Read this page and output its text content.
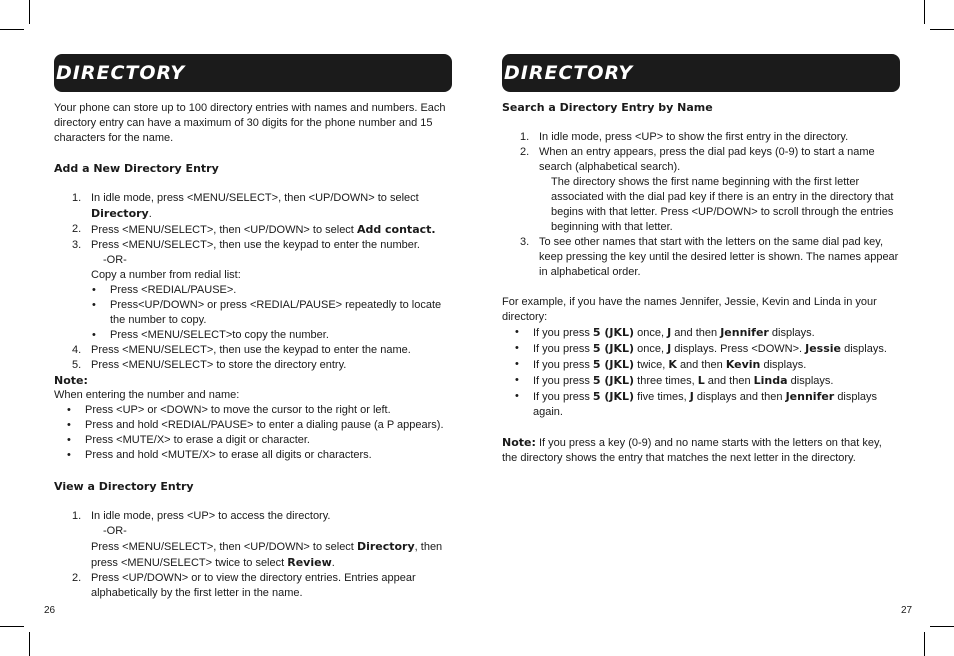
DIRECTORY

Your phone can store up to 100 directory entries with names and numbers. Each directory entry can have a maximum of 30 digits for the phone number and 15 characters for the name.

Add a New Directory Entry

1. In idle mode, press <MENU/SELECT>, then <UP/DOWN> to select Directory.
2. Press <MENU/SELECT>, then <UP/DOWN> to select Add contact.
3. Press <MENU/SELECT>, then use the keypad to enter the number.
-OR-
Copy a number from redial list:
• Press <REDIAL/PAUSE>.
• Press<UP/DOWN> or press <REDIAL/PAUSE> repeatedly to locate the number to copy.
• Press <MENU/SELECT>to copy the number.
4. Press <MENU/SELECT>, then use the keypad to enter the name.
5. Press <MENU/SELECT> to store the directory entry.

Note:

When entering the number and name:

• Press <UP> or <DOWN> to move the cursor to the right or left.
• Press and hold <REDIAL/PAUSE> to enter a dialing pause (a P appears).
• Press <MUTE/X> to erase a digit or character.
• Press and hold <MUTE/X> to erase all digits or characters.

View a Directory Entry

1. In idle mode, press <UP> to access the directory.
-OR-
Press <MENU/SELECT>, then <UP/DOWN> to select Directory, then press <MENU/SELECT> twice to select Review.
2. Press <UP/DOWN> or to view the directory entries. Entries appear alphabetically by the first letter in the name.
26
DIRECTORY

Search a Directory Entry by Name

1. In idle mode, press <UP> to show the first entry in the directory.
2. When an entry appears, press the dial pad keys (0-9) to start a name search (alphabetical search).
The directory shows the first name beginning with the first letter associated with the dial pad key if there is an entry in the directory that begins with that letter. Press <UP/DOWN> to scroll through the entries beginning with that letter.
3. To see other names that start with the letters on the same dial pad key, keep pressing the key until the desired letter is shown. The names appear in alphabetical order.

For example, if you have the names Jennifer, Jessie, Kevin and Linda in your directory:

• If you press 5 (JKL) once, J and then Jennifer displays.
• If you press 5 (JKL) once, J displays. Press <DOWN>. Jessie displays.
• If you press 5 (JKL) twice, K and then Kevin displays.
• If you press 5 (JKL) three times, L and then Linda displays.
• If you press 5 (JKL) five times, J displays and then Jennifer displays again.

Note: If you press a key (0-9) and no name starts with the letters on that key, the directory shows the entry that matches the next letter in the directory.

27
